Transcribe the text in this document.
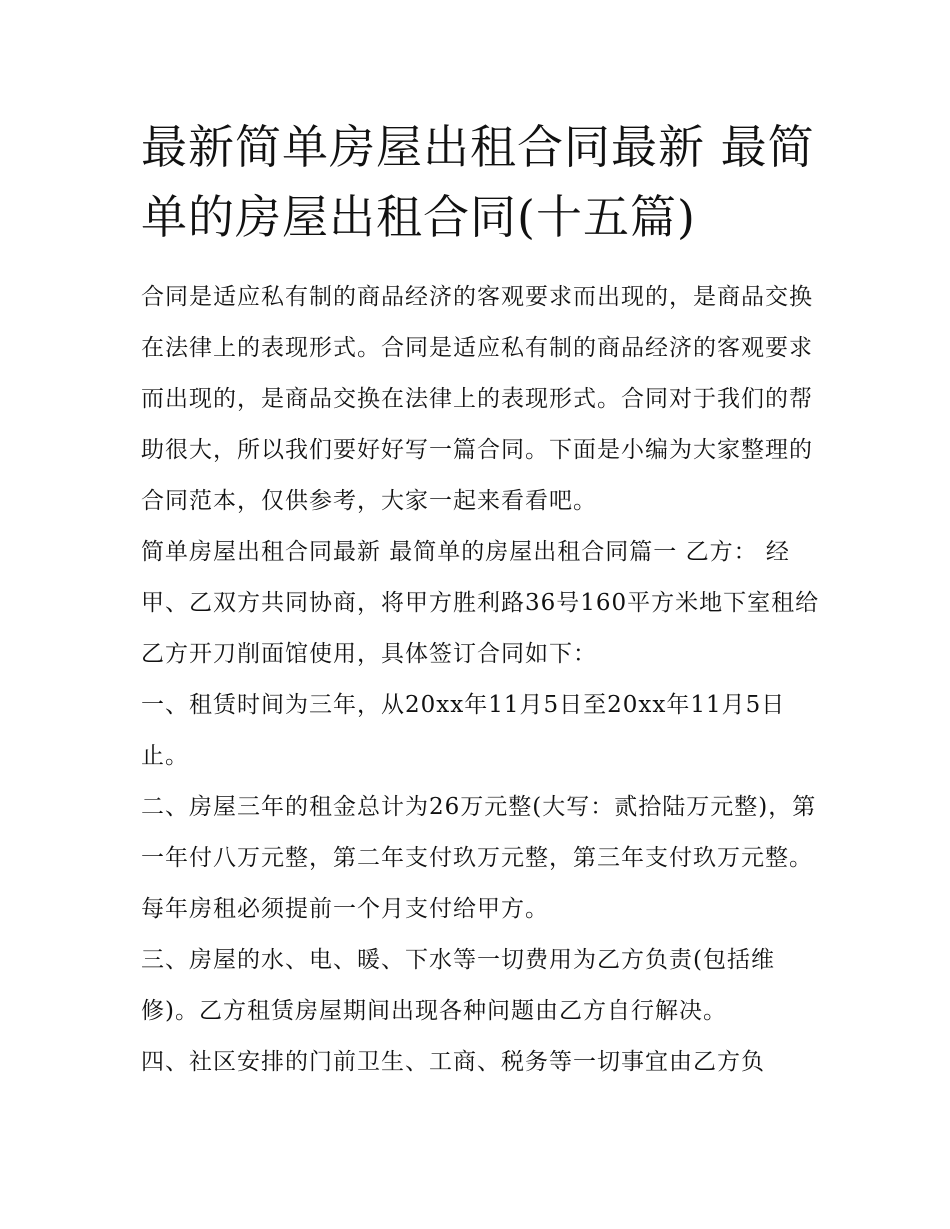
最新简单房屋出租合同最新 最简单的房屋出租合同(十五篇)

合同是适应私有制的商品经济的客观要求而出现的，是商品交换在法律上的表现形式。合同是适应私有制的商品经济的客观要求而出现的，是商品交换在法律上的表现形式。合同对于我们的帮助很大，所以我们要好好写一篇合同。下面是小编为大家整理的合同范本，仅供参考，大家一起来看看吧。

简单房屋出租合同最新 最简单的房屋出租合同篇一 乙方： 经甲、乙双方共同协商，将甲方胜利路36号160平方米地下室租给乙方开刀削面馆使用，具体签订合同如下：

一、租赁时间为三年，从20xx年11月5日至20xx年11月5日止。

二、房屋三年的租金总计为26万元整(大写：贰拾陆万元整)，第一年付八万元整，第二年支付玖万元整，第三年支付玖万元整。每年房租必须提前一个月支付给甲方。

三、房屋的水、电、暖、下水等一切费用为乙方负责(包括维修)。乙方租赁房屋期间出现各种问题由乙方自行解决。

四、社区安排的门前卫生、工商、税务等一切事宜由乙方负
